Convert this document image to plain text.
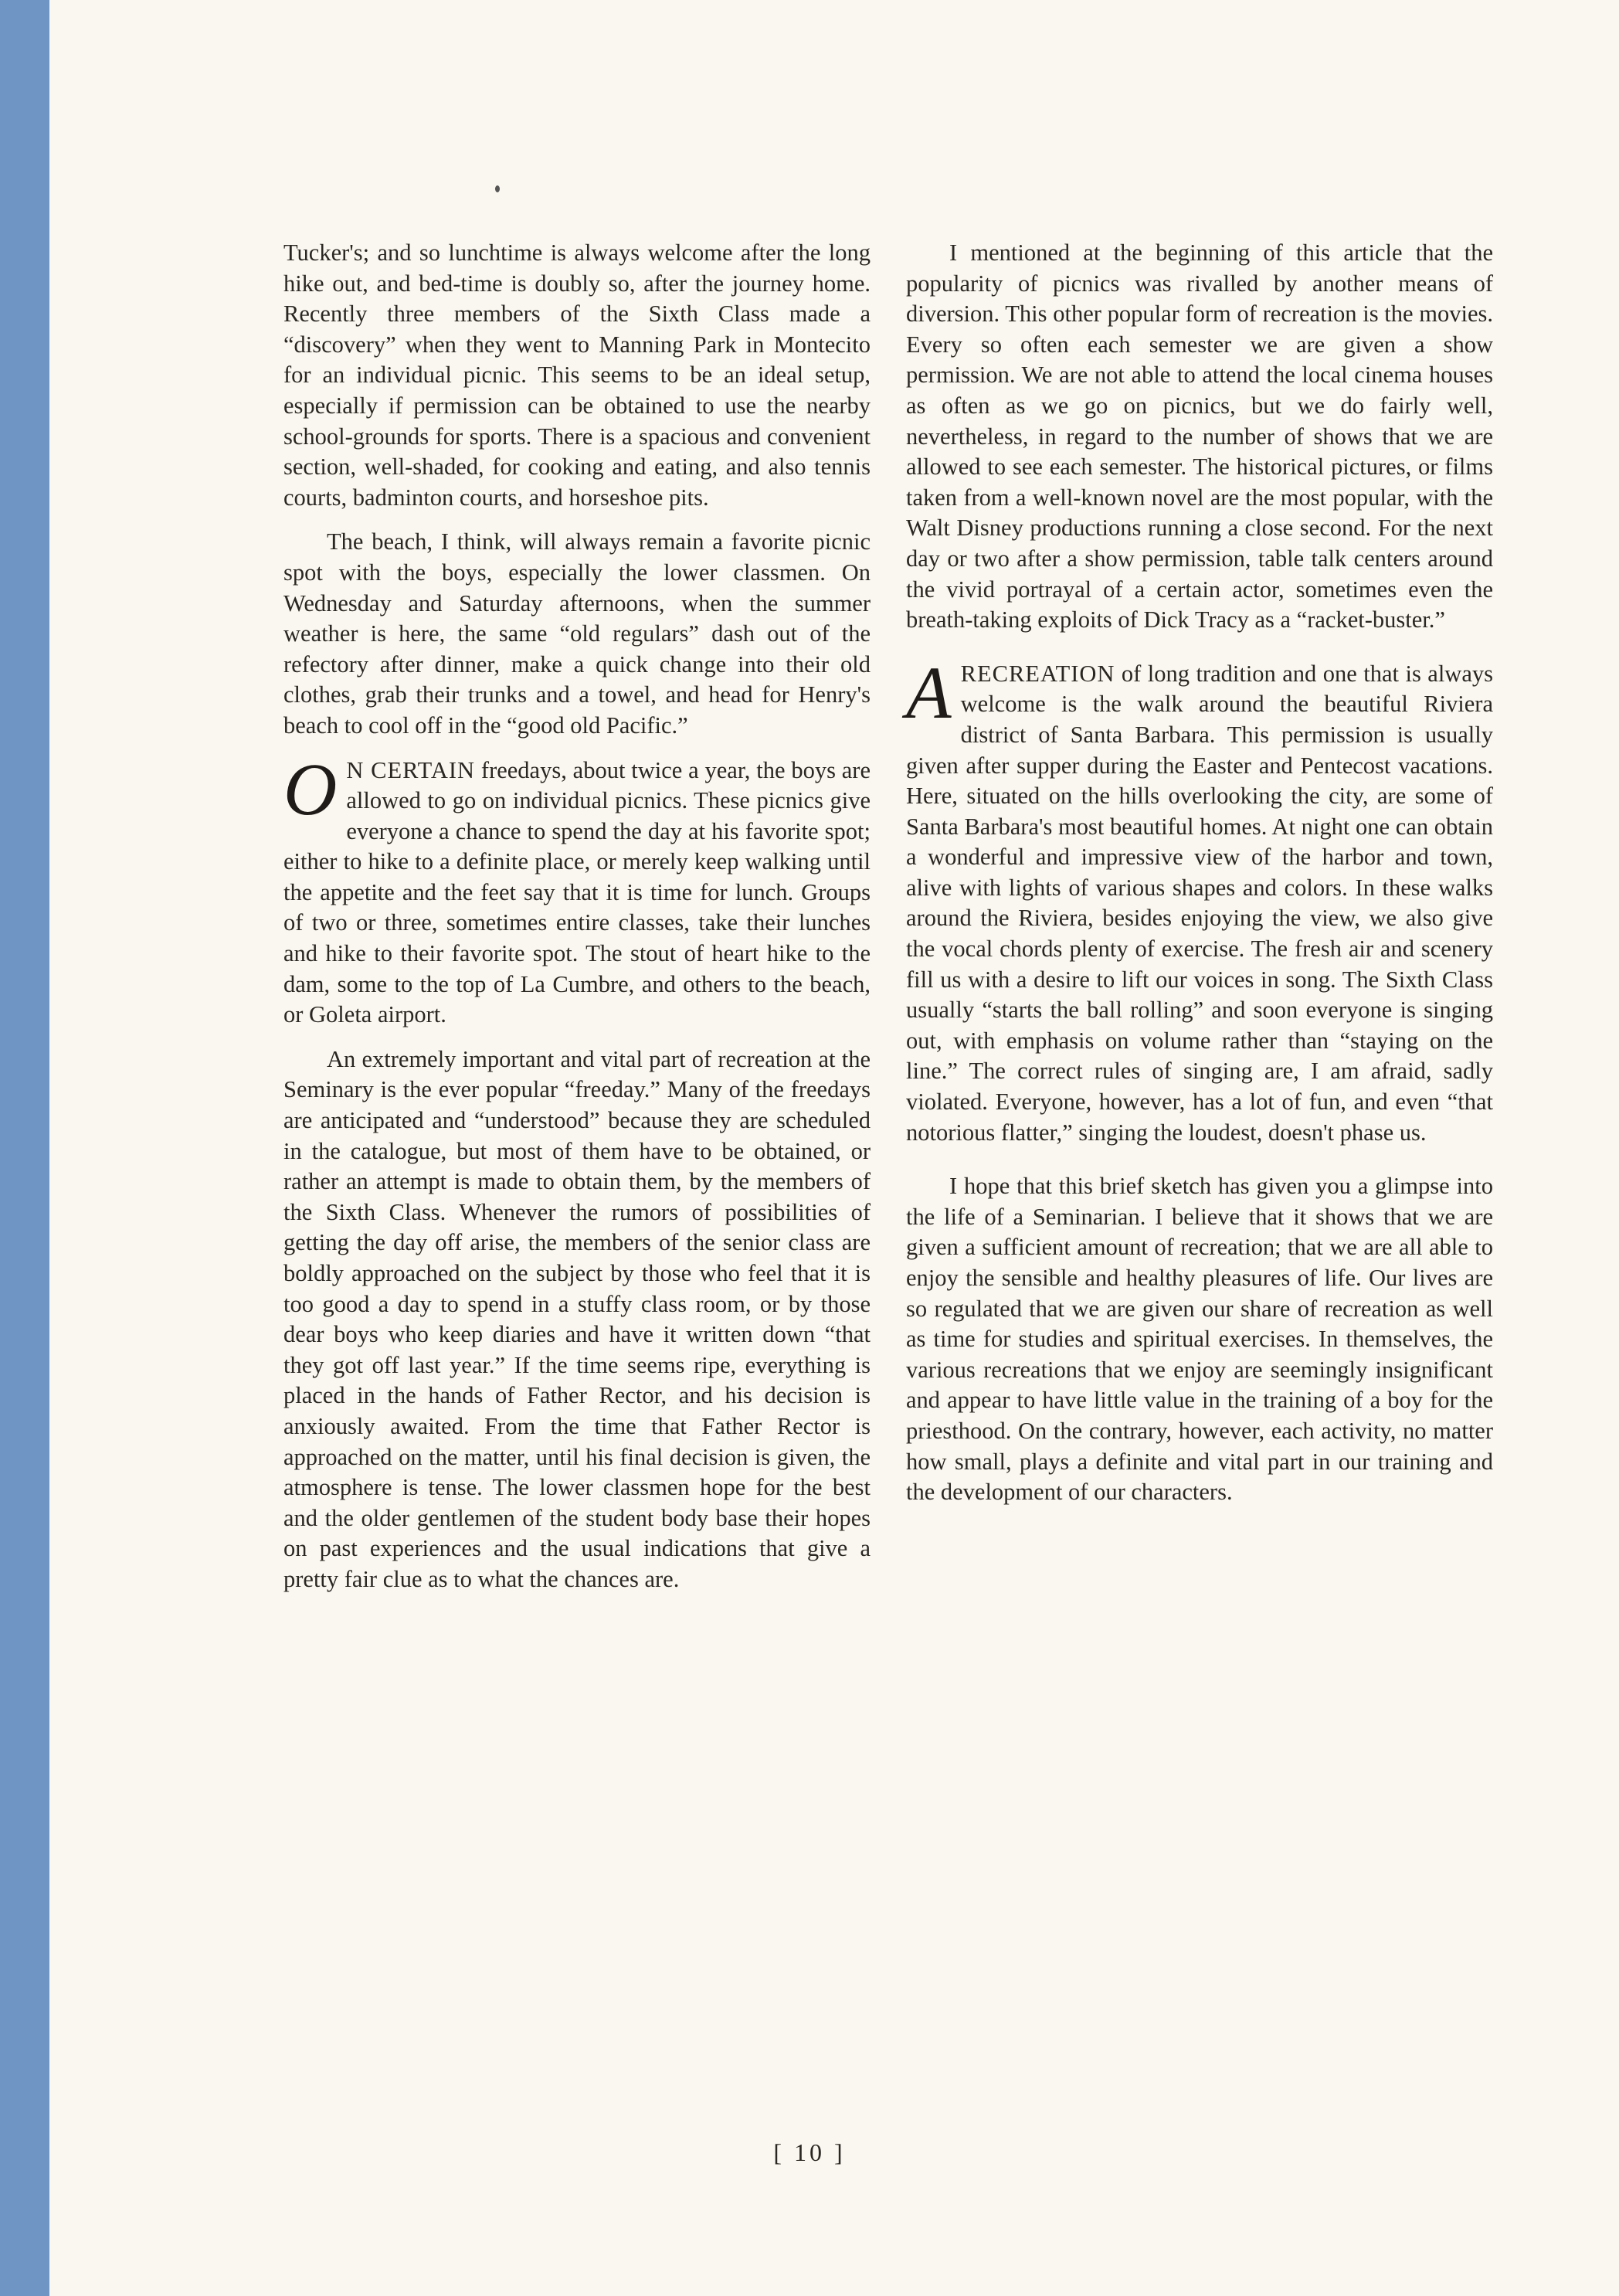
Tucker's; and so lunchtime is always welcome after the long hike out, and bed-time is doubly so, after the journey home. Recently three members of the Sixth Class made a “discovery” when they went to Manning Park in Montecito for an individual picnic. This seems to be an ideal setup, especially if permission can be obtained to use the nearby school-grounds for sports. There is a spacious and convenient section, well-shaded, for cooking and eating, and also tennis courts, badminton courts, and horseshoe pits.

The beach, I think, will always remain a favorite picnic spot with the boys, especially the lower classmen. On Wednesday and Saturday afternoons, when the summer weather is here, the same “old regulars” dash out of the refectory after dinner, make a quick change into their old clothes, grab their trunks and a towel, and head for Henry's beach to cool off in the “good old Pacific.”

O N CERTAIN freedays, about twice a year, the boys are allowed to go on individual picnics. These picnics give everyone a chance to spend the day at his favorite spot; either to hike to a definite place, or merely keep walking until the appetite and the feet say that it is time for lunch. Groups of two or three, sometimes entire classes, take their lunches and hike to their favorite spot. The stout of heart hike to the dam, some to the top of La Cumbre, and others to the beach, or Goleta airport.

An extremely important and vital part of recreation at the Seminary is the ever popular “freeday.” Many of the freedays are anticipated and “understood” because they are scheduled in the catalogue, but most of them have to be obtained, or rather an attempt is made to obtain them, by the members of the Sixth Class. Whenever the rumors of possibilities of getting the day off arise, the members of the senior class are boldly approached on the subject by those who feel that it is too good a day to spend in a stuffy class room, or by those dear boys who keep diaries and have it written down “that they got off last year.” If the time seems ripe, everything is placed in the hands of Father Rector, and his decision is anxiously awaited. From the time that Father Rector is approached on the matter, until his final decision is given, the atmosphere is tense. The lower classmen hope for the best and the older gentlemen of the student body base their hopes on past experiences and the usual indications that give a pretty fair clue as to what the chances are.

I mentioned at the beginning of this article that the popularity of picnics was rivalled by another means of diversion. This other popular form of recreation is the movies. Every so often each semester we are given a show permission. We are not able to attend the local cinema houses as often as we go on picnics, but we do fairly well, nevertheless, in regard to the number of shows that we are allowed to see each semester. The historical pictures, or films taken from a well-known novel are the most popular, with the Walt Disney productions running a close second. For the next day or two after a show permission, table talk centers around the vivid portrayal of a certain actor, sometimes even the breath-taking exploits of Dick Tracy as a “racket-buster.”

A RECREATION of long tradition and one that is always welcome is the walk around the beautiful Riviera district of Santa Barbara. This permission is usually given after supper during the Easter and Pentecost vacations. Here, situated on the hills overlooking the city, are some of Santa Barbara's most beautiful homes. At night one can obtain a wonderful and impressive view of the harbor and town, alive with lights of various shapes and colors. In these walks around the Riviera, besides enjoying the view, we also give the vocal chords plenty of exercise. The fresh air and scenery fill us with a desire to lift our voices in song. The Sixth Class usually “starts the ball rolling” and soon everyone is singing out, with emphasis on volume rather than “staying on the line.” The correct rules of singing are, I am afraid, sadly violated. Everyone, however, has a lot of fun, and even “that notorious flatter,” singing the loudest, doesn't phase us.

I hope that this brief sketch has given you a glimpse into the life of a Seminarian. I believe that it shows that we are given a sufficient amount of recreation; that we are all able to enjoy the sensible and healthy pleasures of life. Our lives are so regulated that we are given our share of recreation as well as time for studies and spiritual exercises. In themselves, the various recreations that we enjoy are seemingly insignificant and appear to have little value in the training of a boy for the priesthood. On the contrary, however, each activity, no matter how small, plays a definite and vital part in our training and the development of our characters.

[ 10 ]
